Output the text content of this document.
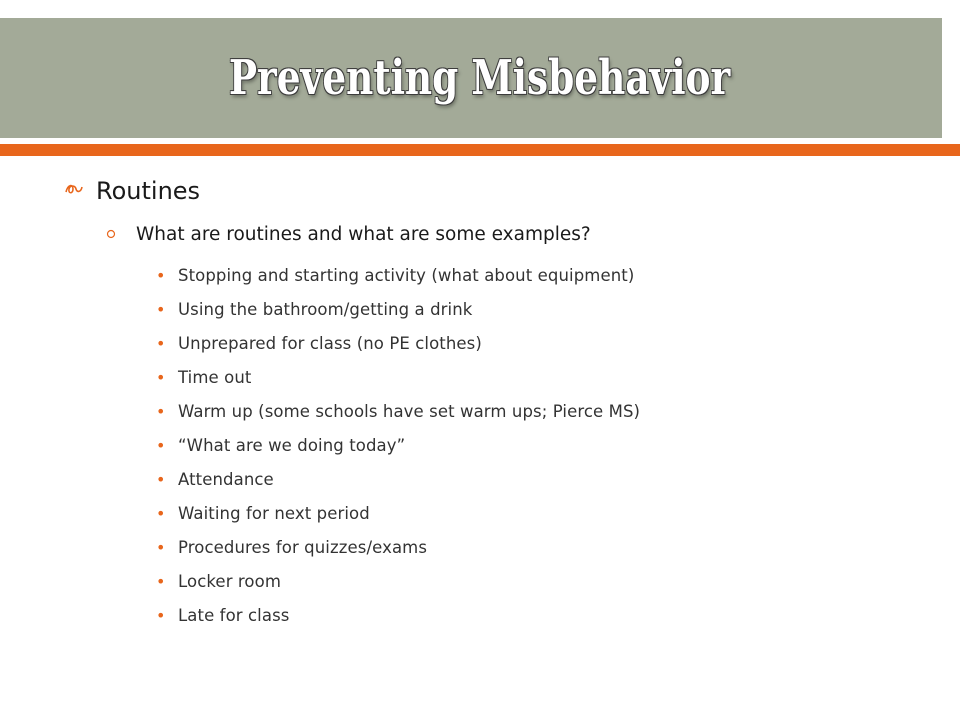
Preventing Misbehavior
Routines
What are routines and what are some examples?
• Stopping and starting activity (what about equipment)
• Using the bathroom/getting a drink
• Unprepared for class (no PE clothes)
• Time out
• Warm up (some schools have set warm ups; Pierce MS)
• “What are we doing today”
• Attendance
• Waiting for next period
• Procedures for quizzes/exams
• Locker room
• Late for class
